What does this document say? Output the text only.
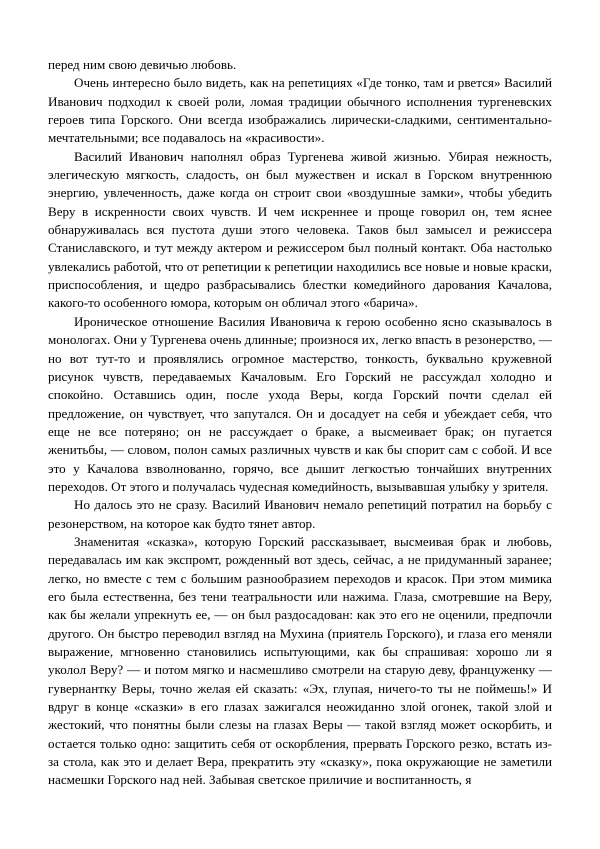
перед ним свою девичью любовь.

Очень интересно было видеть, как на репетициях «Где тонко, там и рвется» Василий Иванович подходил к своей роли, ломая традиции обычного исполнения тургеневских героев типа Горского. Они всегда изображались лирически-сладкими, сентиментально-мечтательными; все подавалось на «красивости».

Василий Иванович наполнял образ Тургенева живой жизнью. Убирая нежность, элегическую мягкость, сладость, он был мужествен и искал в Горском внутреннюю энергию, увлеченность, даже когда он строит свои «воздушные замки», чтобы убедить Веру в искренности своих чувств. И чем искреннее и проще говорил он, тем яснее обнаруживалась вся пустота души этого человека. Таков был замысел и режиссера Станиславского, и тут между актером и режиссером был полный контакт. Оба настолько увлекались работой, что от репетиции к репетиции находились все новые и новые краски, приспособления, и щедро разбрасывались блестки комедийного дарования Качалова, какого-то особенного юмора, которым он обличал этого «барича».

Ироническое отношение Василия Ивановича к герою особенно ясно сказывалось в монологах. Они у Тургенева очень длинные; произнося их, легко впасть в резонерство, — но вот тут-то и проявлялись огромное мастерство, тонкость, буквально кружевной рисунок чувств, передаваемых Качаловым. Его Горский не рассуждал холодно и спокойно. Оставшись один, после ухода Веры, когда Горский почти сделал ей предложение, он чувствует, что запутался. Он и досадует на себя и убеждает себя, что еще не все потеряно; он не рассуждает о браке, а высмеивает брак; он пугается женитьбы, — словом, полон самых различных чувств и как бы спорит сам с собой. И все это у Качалова взволнованно, горячо, все дышит легкостью тончайших внутренних переходов. От этого и получалась чудесная комедийность, вызывавшая улыбку у зрителя.

Но далось это не сразу. Василий Иванович немало репетиций потратил на борьбу с резонерством, на которое как будто тянет автор.

Знаменитая «сказка», которую Горский рассказывает, высмеивая брак и любовь, передавалась им как экспромт, рожденный вот здесь, сейчас, а не придуманный заранее; легко, но вместе с тем с большим разнообразием переходов и красок. При этом мимика его была естественна, без тени театральности или нажима. Глаза, смотревшие на Веру, как бы желали упрекнуть ее, — он был раздосадован: как это его не оценили, предпочли другого. Он быстро переводил взгляд на Мухина (приятель Горского), и глаза его меняли выражение, мгновенно становились испытующими, как бы спрашивая: хорошо ли я уколол Веру? — и потом мягко и насмешливо смотрели на старую деву, француженку — гувернантку Веры, точно желая ей сказать: «Эх, глупая, ничего-то ты не поймешь!» И вдруг в конце «сказки» в его глазах зажигался неожиданно злой огонек, такой злой и жестокий, что понятны были слезы на глазах Веры — такой взгляд может оскорбить, и остается только одно: защитить себя от оскорбления, прервать Горского резко, встать из-за стола, как это и делает Вера, прекратить эту «сказку», пока окружающие не заметили насмешки Горского над ней. Забывая светское приличие и воспитанность, я
